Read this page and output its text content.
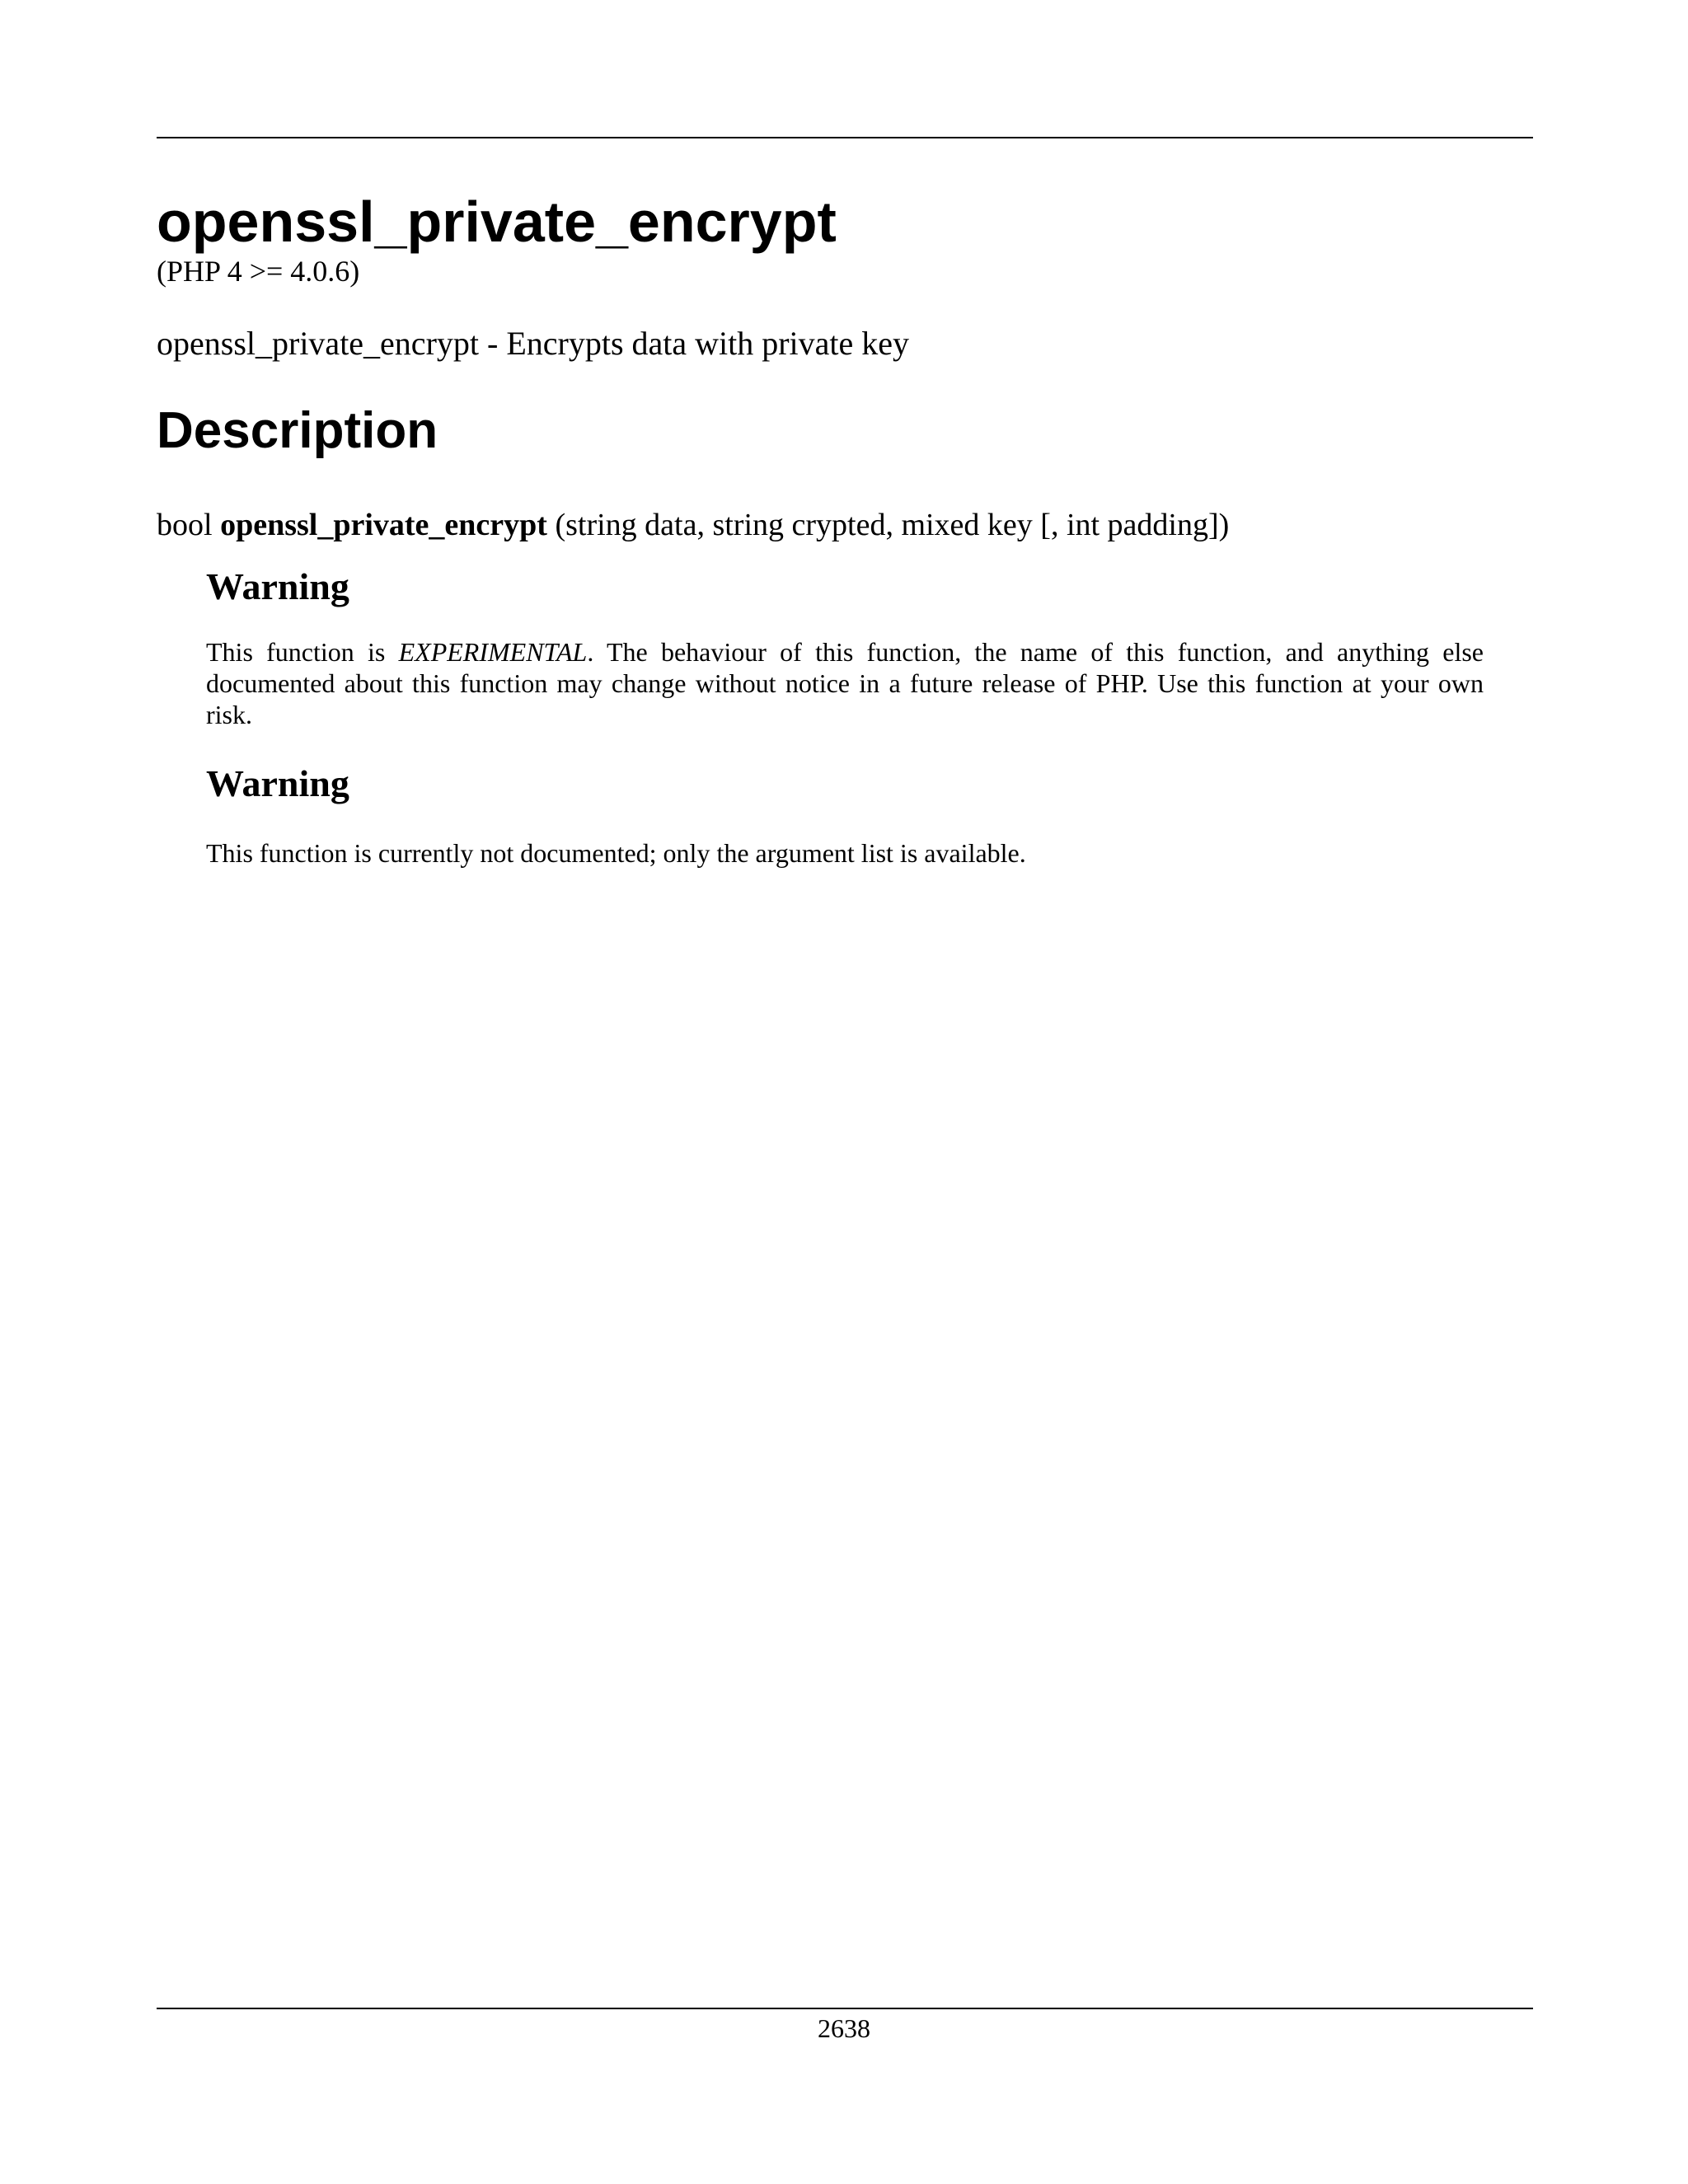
openssl_private_encrypt
(PHP 4 >= 4.0.6)
openssl_private_encrypt - Encrypts data with private key
Description
bool openssl_private_encrypt (string data, string crypted, mixed key [, int padding])
Warning

This function is EXPERIMENTAL. The behaviour of this function, the name of this function, and anything else documented about this function may change without notice in a future release of PHP. Use this function at your own risk.

Warning

This function is currently not documented; only the argument list is available.

2638
